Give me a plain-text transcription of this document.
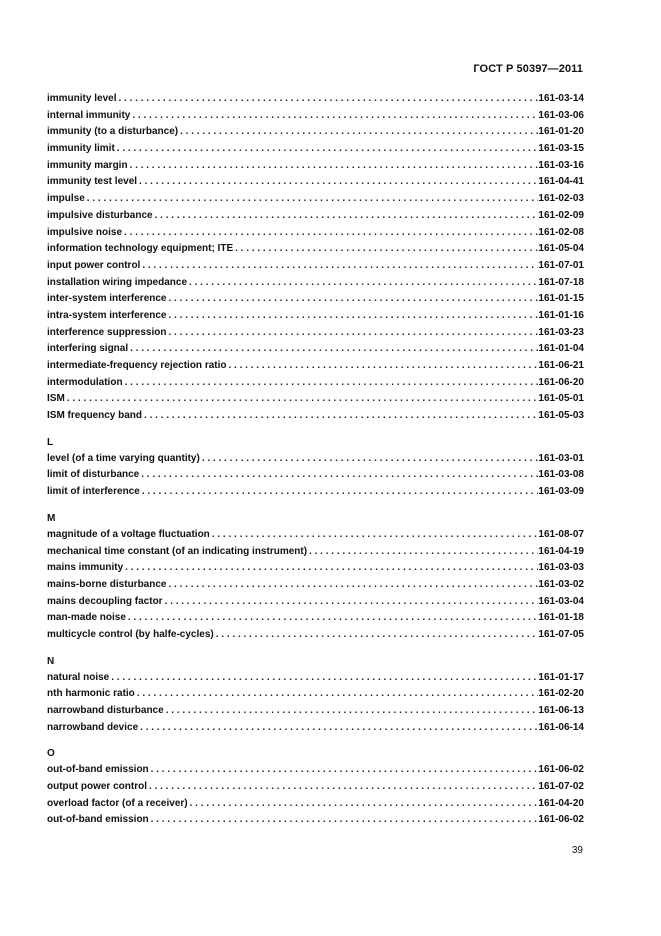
ГОСТ Р 50397—2011
immunity level . . .	161-03-14
internal immunity . . .	161-03-06
immunity (to a disturbance) . . .	161-01-20
immunity limit . . .	161-03-15
immunity margin . . .	161-03-16
immunity test level . . .	161-04-41
impulse . . .	161-02-03
impulsive disturbance . . .	161-02-09
impulsive noise . . .	161-02-08
information technology equipment; ITE . . .	161-05-04
input power control . . .	161-07-01
installation wiring impedance . . .	161-07-18
inter-system interference . . .	161-01-15
intra-system interference . . .	161-01-16
interference suppression . . .	161-03-23
interfering signal . . .	161-01-04
intermediate-frequency rejection ratio . . .	161-06-21
intermodulation . . .	161-06-20
ISM . . .	161-05-01
ISM frequency band . . .	161-05-03
L
level (of a time varying quantity) . . .	161-03-01
limit of disturbance . . .	161-03-08
limit of interference . . .	161-03-09
M
magnitude of a voltage fluctuation . . .	161-08-07
mechanical time constant (of an indicating instrument) . . .	161-04-19
mains immunity . . .	161-03-03
mains-borne disturbance . . .	161-03-02
mains decoupling factor . . .	161-03-04
man-made noise . . .	161-01-18
multicycle control (by halfe-cycles) . . .	161-07-05
N
natural noise . . .	161-01-17
nth harmonic ratio . . .	161-02-20
narrowband disturbance . . .	161-06-13
narrowband device . . .	161-06-14
O
out-of-band emission . . .	161-06-02
output power control . . .	161-07-02
overload factor (of a receiver) . . .	161-04-20
out-of-band emission . . .	161-06-02
39
